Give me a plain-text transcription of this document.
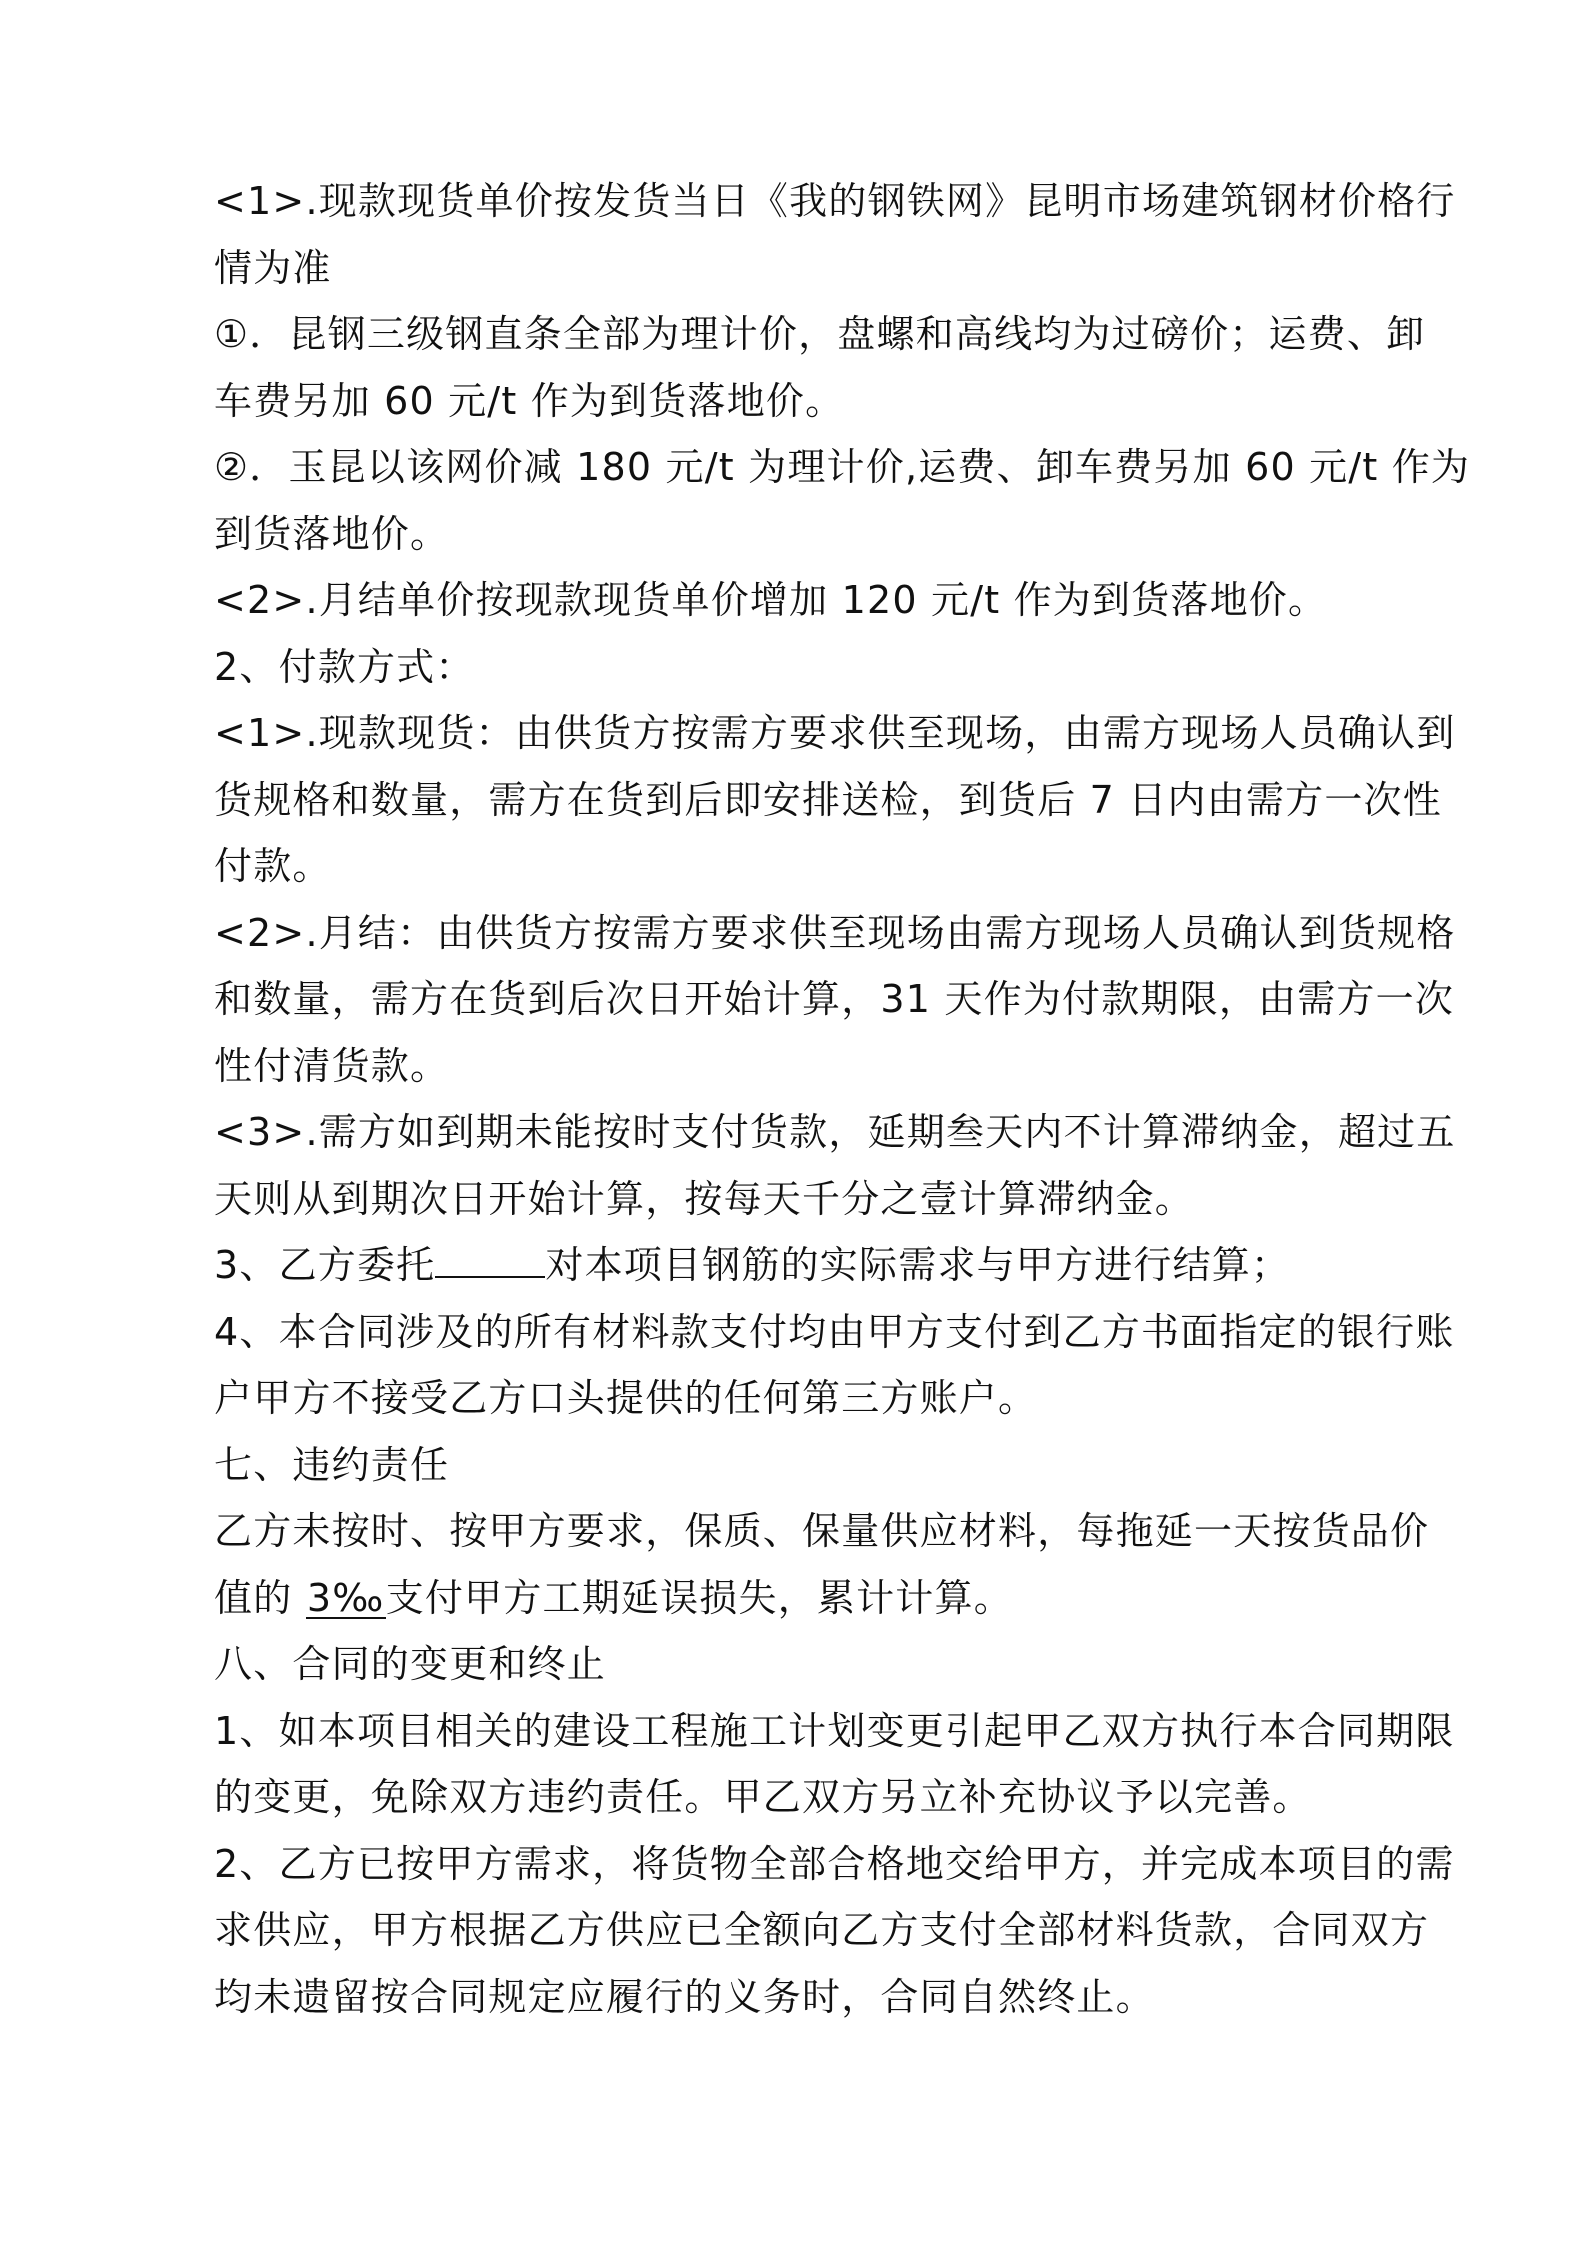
<1>.现款现货单价按发货当日《我的钢铁网》昆明市场建筑钢材价格行
情为准
①．昆钢三级钢直条全部为理计价，盘螺和高线均为过磅价；运费、卸
车费另加 60 元/t 作为到货落地价。
②．玉昆以该网价减 180 元/t 为理计价,运费、卸车费另加 60 元/t 作为
到货落地价。
<2>.月结单价按现款现货单价增加 120 元/t 作为到货落地价。
2、付款方式：
<1>.现款现货：由供货方按需方要求供至现场，由需方现场人员确认到
货规格和数量，需方在货到后即安排送检，到货后 7 日内由需方一次性
付款。
<2>.月结：由供货方按需方要求供至现场由需方现场人员确认到货规格
和数量，需方在货到后次日开始计算，31 天作为付款期限，由需方一次
性付清货款。
<3>.需方如到期未能按时支付货款，延期叁天内不计算滞纳金，超过五
天则从到期次日开始计算，按每天千分之壹计算滞纳金。
3、乙方委托	对本项目钢筋的实际需求与甲方进行结算；
4、本合同涉及的所有材料款支付均由甲方支付到乙方书面指定的银行账
户甲方不接受乙方口头提供的任何第三方账户。
七、违约责任
乙方未按时、按甲方要求，保质、保量供应材料，每拖延一天按货品价
值的 3‰支付甲方工期延误损失，累计计算。
八、合同的变更和终止
1、如本项目相关的建设工程施工计划变更引起甲乙双方执行本合同期限
的变更，免除双方违约责任。甲乙双方另立补充协议予以完善。
2、乙方已按甲方需求，将货物全部合格地交给甲方，并完成本项目的需
求供应，甲方根据乙方供应已全额向乙方支付全部材料货款，合同双方
均未遗留按合同规定应履行的义务时，合同自然终止。
